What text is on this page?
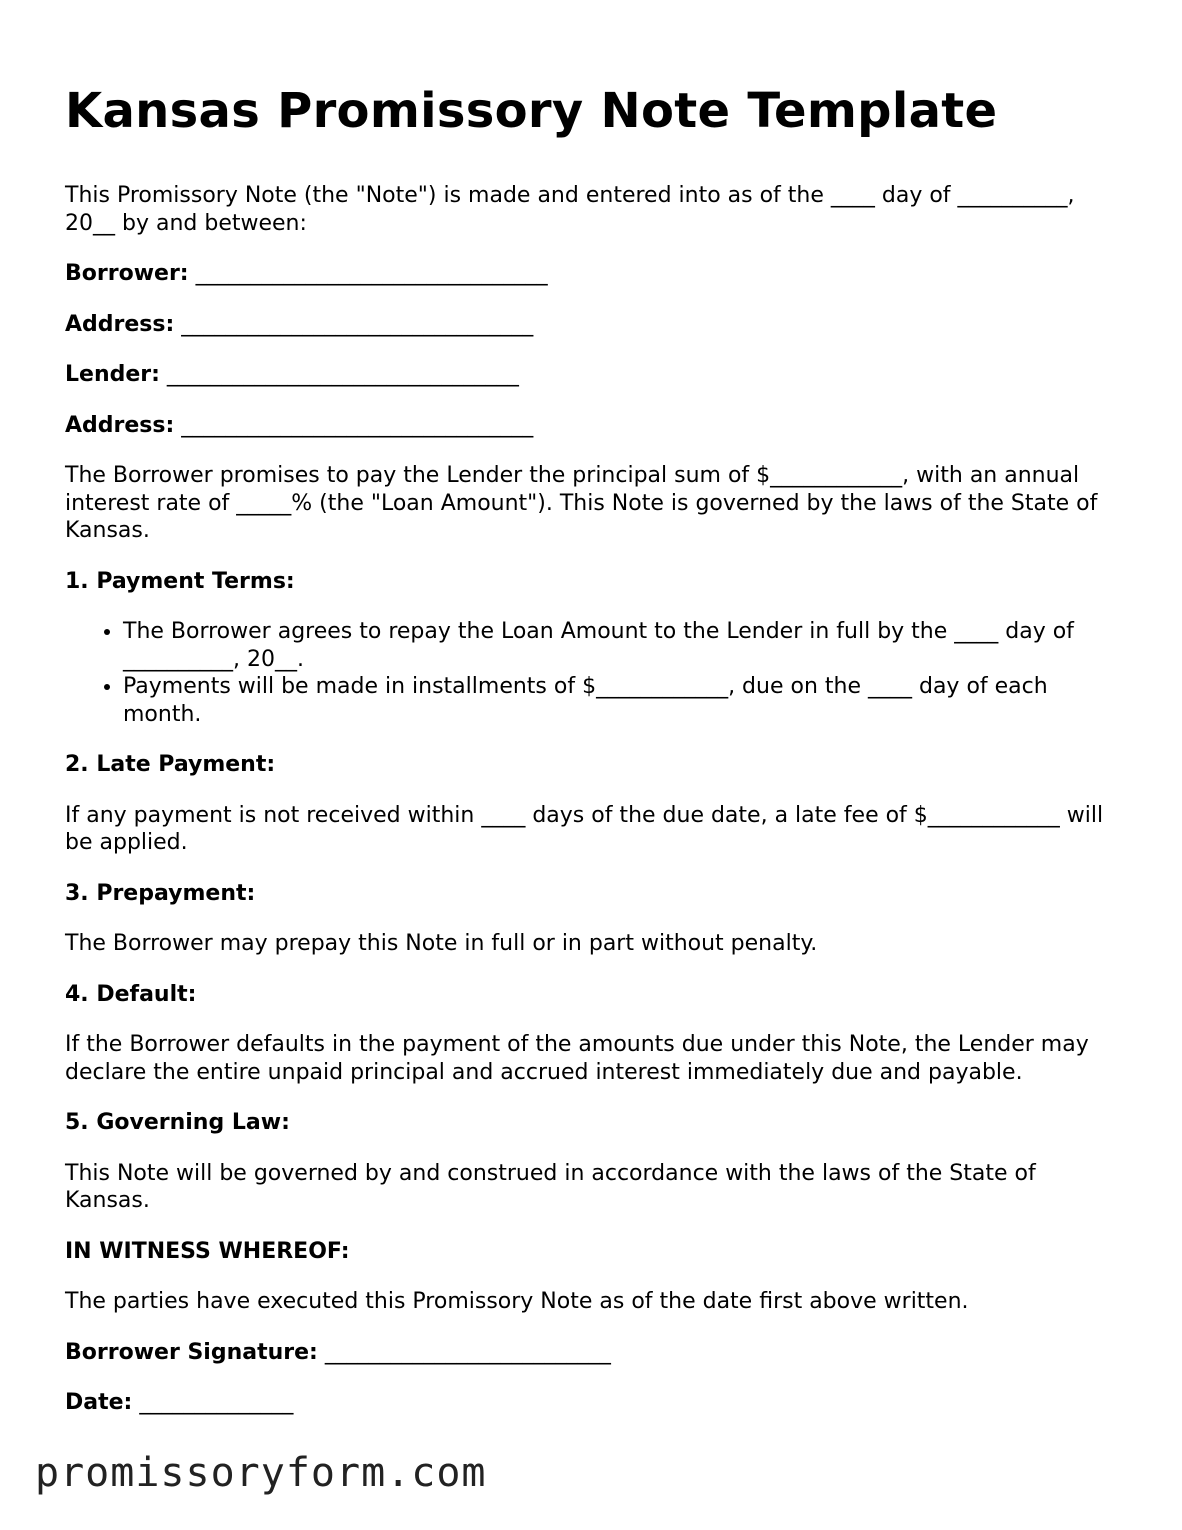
Kansas Promissory Note Template

This Promissory Note (the "Note") is made and entered into as of the ____ day of __________, 20__ by and between:

Borrower: ________________________________
Address: ________________________________
Lender: ________________________________
Address: ________________________________

The Borrower promises to pay the Lender the principal sum of $____________, with an annual interest rate of _____% (the "Loan Amount"). This Note is governed by the laws of the State of Kansas.

1. Payment Terms:
• The Borrower agrees to repay the Loan Amount to the Lender in full by the ____ day of __________, 20__.
• Payments will be made in installments of $____________, due on the ____ day of each month.
2. Late Payment:

If any payment is not received within ____ days of the due date, a late fee of $____________ will be applied.

3. Prepayment:

The Borrower may prepay this Note in full or in part without penalty.

4. Default:

If the Borrower defaults in the payment of the amounts due under this Note, the Lender may declare the entire unpaid principal and accrued interest immediately due and payable.

5. Governing Law:

This Note will be governed by and construed in accordance with the laws of the State of Kansas.

IN WITNESS WHEREOF:

The parties have executed this Promissory Note as of the date first above written.

Borrower Signature: __________________________
Date: ______________
promissoryform.com
